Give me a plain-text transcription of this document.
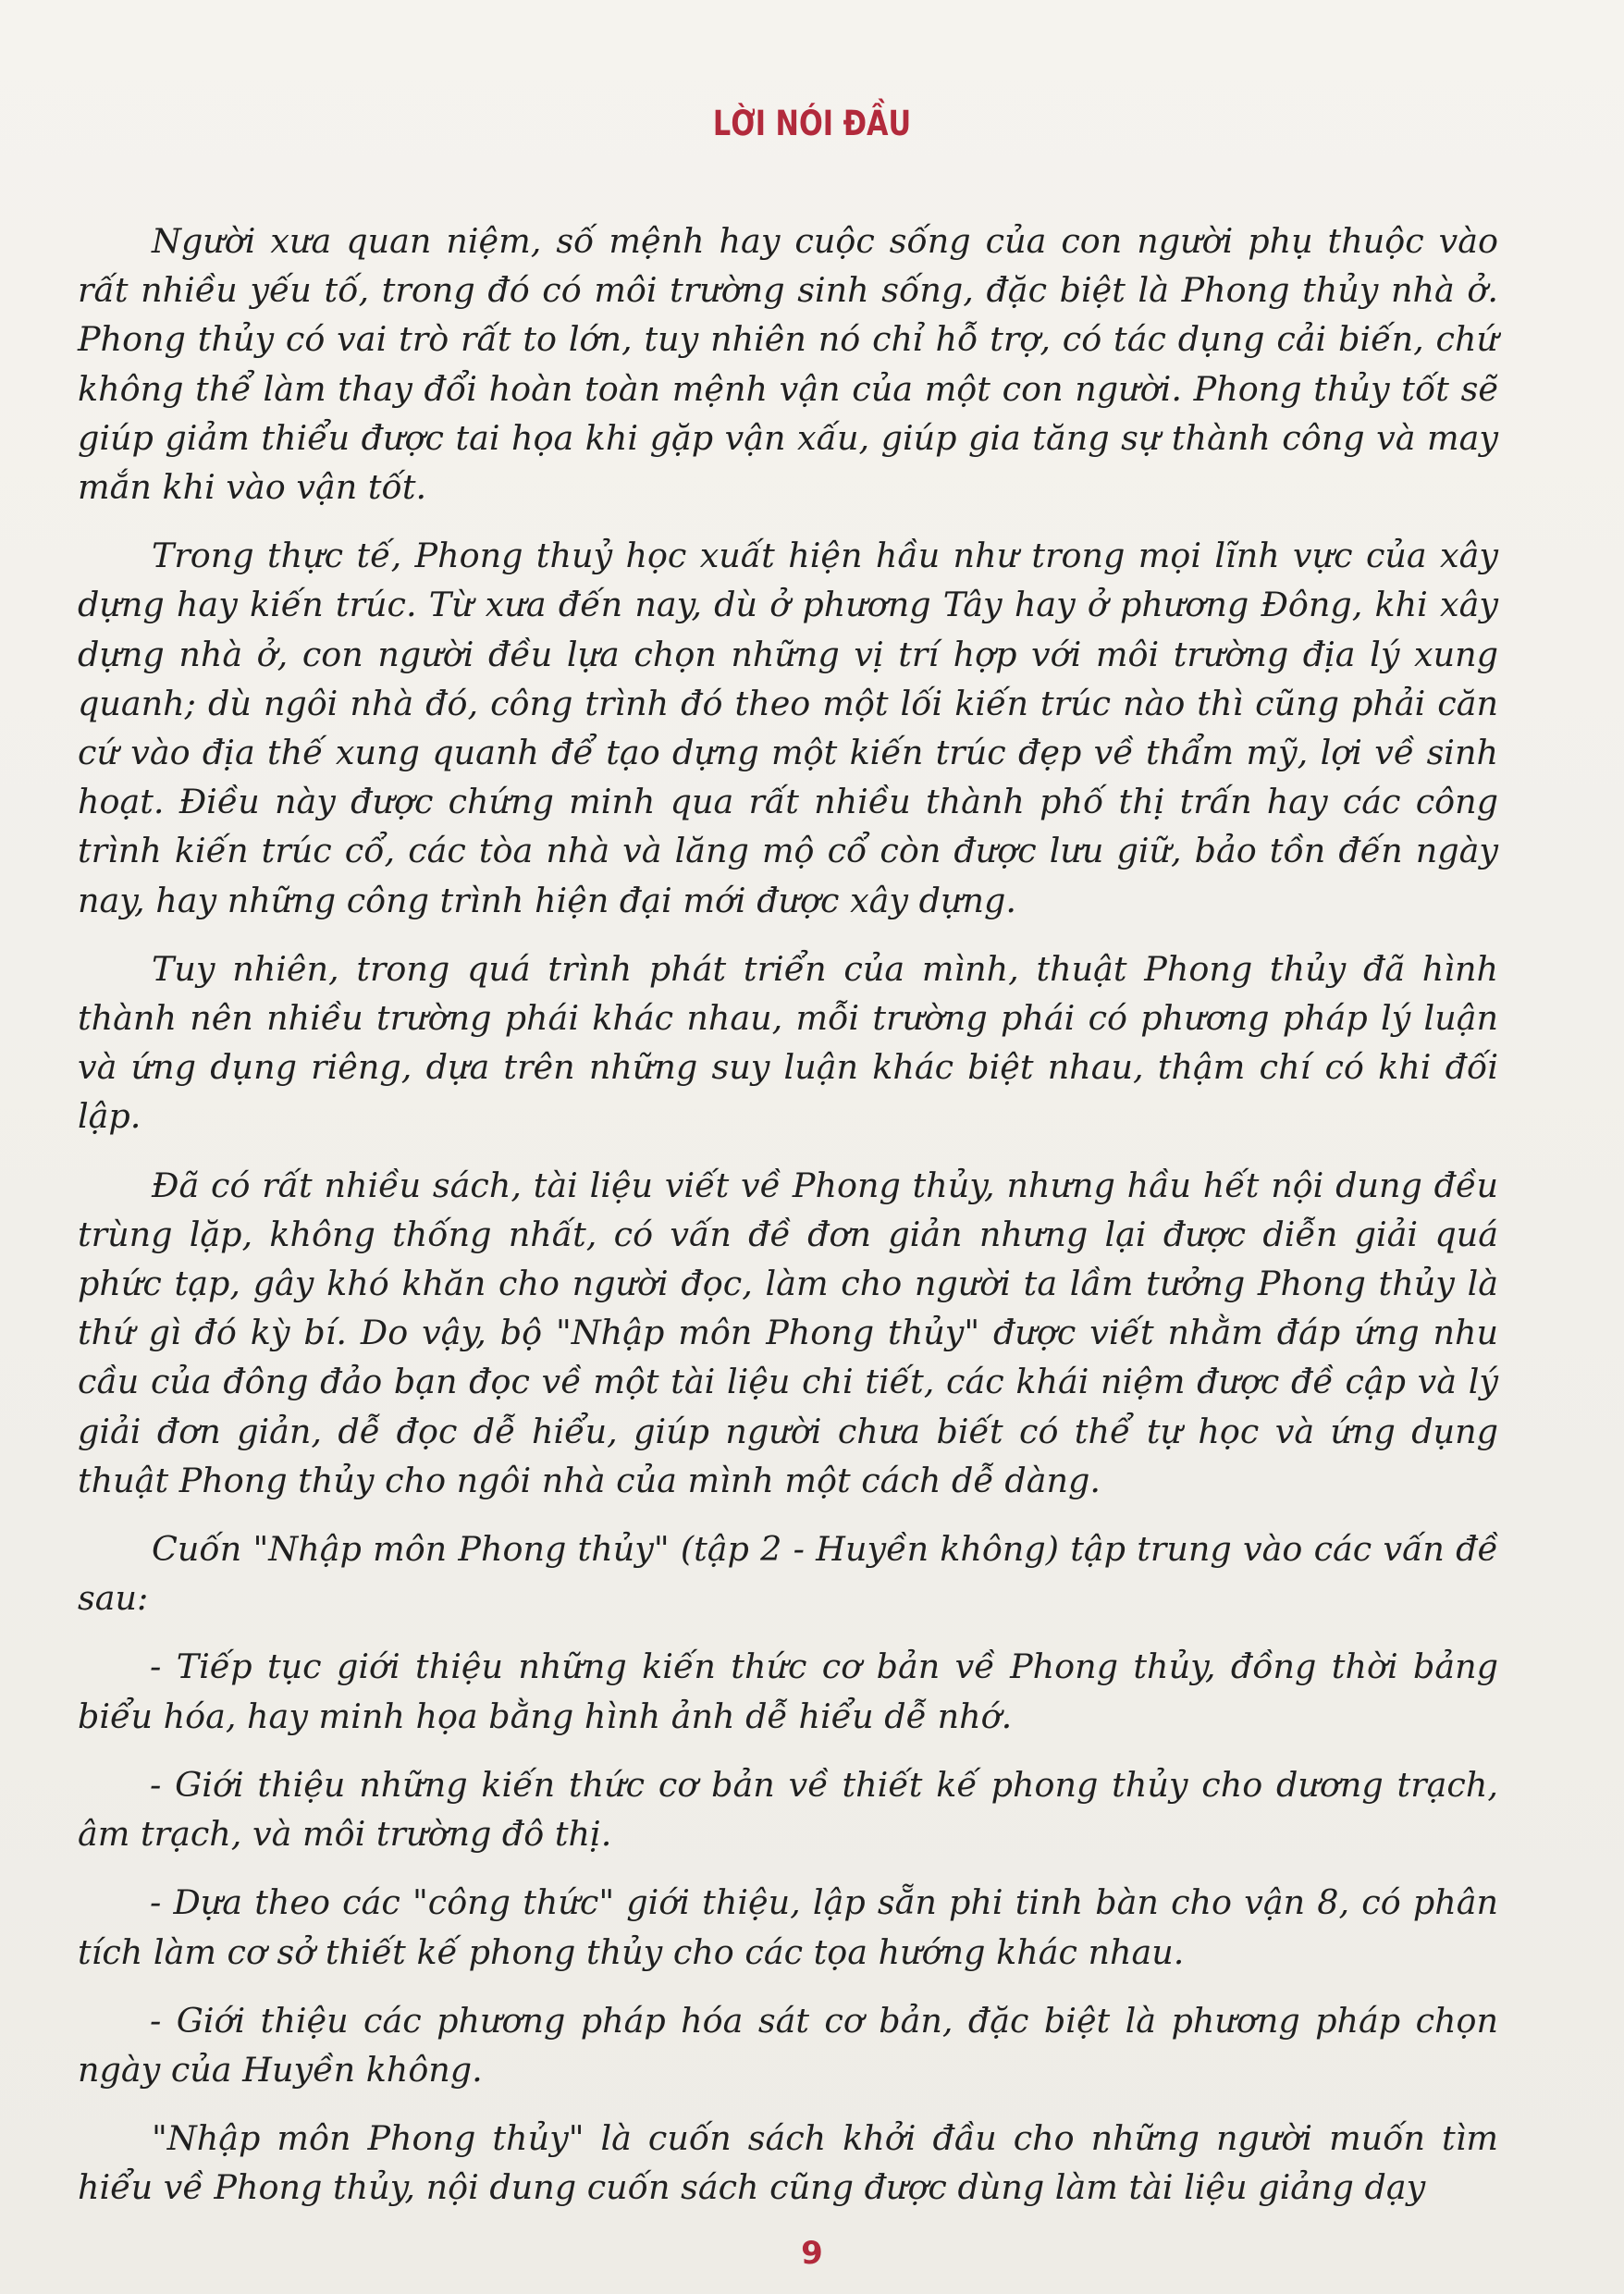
LỜI NÓI ĐẦU

Người xưa quan niệm, số mệnh hay cuộc sống của con người phụ thuộc vào rất nhiều yếu tố, trong đó có môi trường sinh sống, đặc biệt là Phong thủy nhà ở. Phong thủy có vai trò rất to lớn, tuy nhiên nó chỉ hỗ trợ, có tác dụng cải biến, chứ không thể làm thay đổi hoàn toàn mệnh vận của một con người. Phong thủy tốt sẽ giúp giảm thiểu được tai họa khi gặp vận xấu, giúp gia tăng sự thành công và may mắn khi vào vận tốt.

Trong thực tế, Phong thuỷ học xuất hiện hầu như trong mọi lĩnh vực của xây dựng hay kiến trúc. Từ xưa đến nay, dù ở phương Tây hay ở phương Đông, khi xây dựng nhà ở, con người đều lựa chọn những vị trí hợp với môi trường địa lý xung quanh; dù ngôi nhà đó, công trình đó theo một lối kiến trúc nào thì cũng phải căn cứ vào địa thế xung quanh để tạo dựng một kiến trúc đẹp về thẩm mỹ, lợi về sinh hoạt. Điều này được chứng minh qua rất nhiều thành phố thị trấn hay các công trình kiến trúc cổ, các tòa nhà và lăng mộ cổ còn được lưu giữ, bảo tồn đến ngày nay, hay những công trình hiện đại mới được xây dựng.

Tuy nhiên, trong quá trình phát triển của mình, thuật Phong thủy đã hình thành nên nhiều trường phái khác nhau, mỗi trường phái có phương pháp lý luận và ứng dụng riêng, dựa trên những suy luận khác biệt nhau, thậm chí có khi đối lập.

Đã có rất nhiều sách, tài liệu viết về Phong thủy, nhưng hầu hết nội dung đều trùng lặp, không thống nhất, có vấn đề đơn giản nhưng lại được diễn giải quá phức tạp, gây khó khăn cho người đọc, làm cho người ta lầm tưởng Phong thủy là thứ gì đó kỳ bí. Do vậy, bộ "Nhập môn Phong thủy" được viết nhằm đáp ứng nhu cầu của đông đảo bạn đọc về một tài liệu chi tiết, các khái niệm được đề cập và lý giải đơn giản, dễ đọc dễ hiểu, giúp người chưa biết có thể tự học và ứng dụng thuật Phong thủy cho ngôi nhà của mình một cách dễ dàng.

Cuốn "Nhập môn Phong thủy" (tập 2 - Huyền không) tập trung vào các vấn đề sau:

- Tiếp tục giới thiệu những kiến thức cơ bản về Phong thủy, đồng thời bảng biểu hóa, hay minh họa bằng hình ảnh dễ hiểu dễ nhớ.

- Giới thiệu những kiến thức cơ bản về thiết kế phong thủy cho dương trạch, âm trạch, và môi trường đô thị.

- Dựa theo các "công thức" giới thiệu, lập sẵn phi tinh bàn cho vận 8, có phân tích làm cơ sở thiết kế phong thủy cho các tọa hướng khác nhau.

- Giới thiệu các phương pháp hóa sát cơ bản, đặc biệt là phương pháp chọn ngày của Huyền không.

"Nhập môn Phong thủy" là cuốn sách khởi đầu cho những người muốn tìm hiểu về Phong thủy, nội dung cuốn sách cũng được dùng làm tài liệu giảng dạy

9
